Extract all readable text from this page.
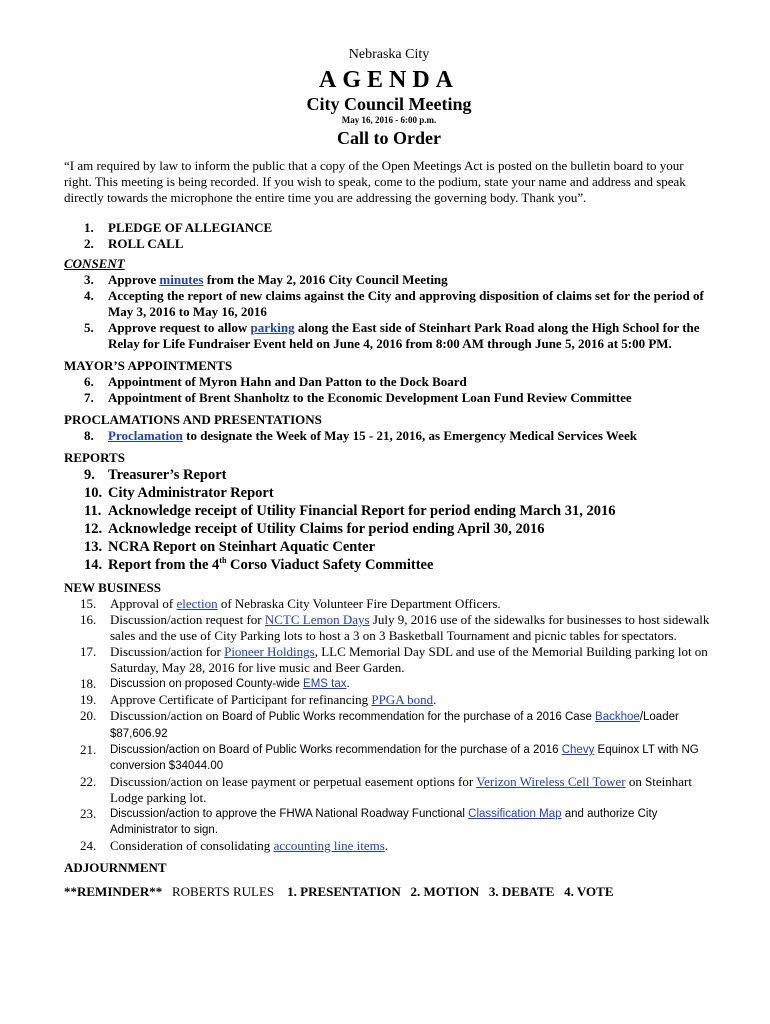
Nebraska City
AGENDA
City Council Meeting
May 16, 2016 - 6:00 p.m.
Call to Order
“I am required by law to inform the public that a copy of the Open Meetings Act is posted on the bulletin board to your right. This meeting is being recorded. If you wish to speak, come to the podium, state your name and address and speak directly towards the microphone the entire time you are addressing the governing body. Thank you”.
1.	PLEDGE OF ALLEGIANCE
2.	ROLL CALL
CONSENT
3.	Approve minutes from the May 2, 2016 City Council Meeting
4.	Accepting the report of new claims against the City and approving disposition of claims set for the period of May 3, 2016 to May 16, 2016
5.	Approve request to allow parking along the East side of Steinhart Park Road along the High School for the Relay for Life Fundraiser Event held on June 4, 2016 from 8:00 AM through June 5, 2016 at 5:00 PM.
MAYOR’S APPOINTMENTS
6.	Appointment of Myron Hahn and Dan Patton to the Dock Board
7.	Appointment of Brent Shanholtz to the Economic Development Loan Fund Review Committee
PROCLAMATIONS AND PRESENTATIONS
8.	Proclamation to designate the Week of May 15 - 21, 2016, as Emergency Medical Services Week
REPORTS
9. Treasurer’s Report
10. City Administrator Report
11. Acknowledge receipt of Utility Financial Report for period ending March 31, 2016
12. Acknowledge receipt of Utility Claims for period ending April 30, 2016
13. NCRA Report on Steinhart Aquatic Center
14. Report from the 4th Corso Viaduct Safety Committee
NEW BUSINESS
15.	Approval of election of Nebraska City Volunteer Fire Department Officers.
16.	Discussion/action request for NCTC Lemon Days July 9, 2016 use of the sidewalks for businesses to host sidewalk sales and the use of City Parking lots to host a 3 on 3 Basketball Tournament and picnic tables for spectators.
17.	Discussion/action for Pioneer Holdings, LLC Memorial Day SDL and use of the Memorial Building parking lot on Saturday, May 28, 2016 for live music and Beer Garden.
18.	Discussion on proposed County-wide EMS tax.
19.	Approve Certificate of Participant for refinancing PPGA bond.
20.	Discussion/action on Board of Public Works recommendation for the purchase of a 2016 Case Backhoe/Loader $87,606.92
21.	Discussion/action on Board of Public Works recommendation for the purchase of a 2016 Chevy Equinox LT with NG conversion $34044.00
22.	Discussion/action on lease payment or perpetual easement options for Verizon Wireless Cell Tower on Steinhart Lodge parking lot.
23.	Discussion/action to approve the FHWA National Roadway Functional Classification Map and authorize City Administrator to sign.
24.	Consideration of consolidating accounting line items.
ADJOURNMENT
**REMINDER** ROBERTS RULES 1. PRESENTATION   2. MOTION   3. DEBATE   4. VOTE
